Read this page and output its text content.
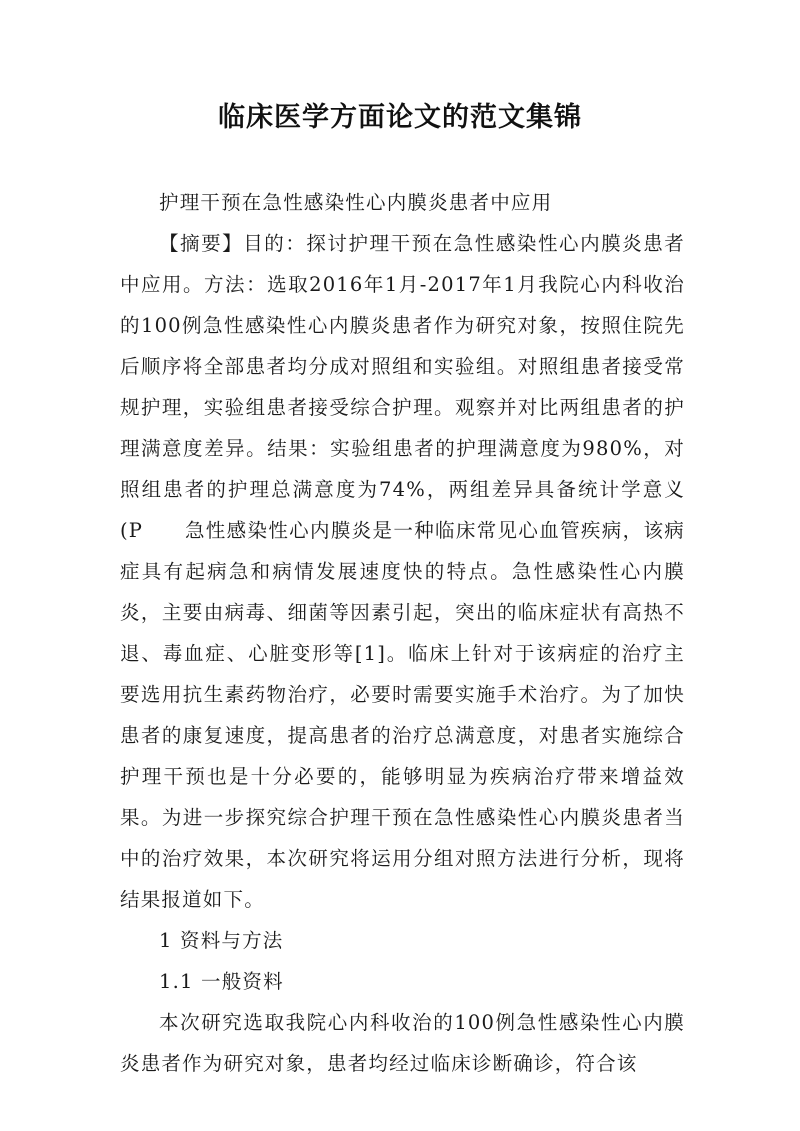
临床医学方面论文的范文集锦

护理干预在急性感染性心内膜炎患者中应用

【摘要】目的：探讨护理干预在急性感染性心内膜炎患者中应用。方法：选取2016年1月-2017年1月我院心内科收治的100例急性感染性心内膜炎患者作为研究对象，按照住院先后顺序将全部患者均分成对照组和实验组。对照组患者接受常规护理，实验组患者接受综合护理。观察并对比两组患者的护理满意度差异。结果：实验组患者的护理满意度为980%，对照组患者的护理总满意度为74%，两组差异具备统计学意义(P　　急性感染性心内膜炎是一种临床常见心血管疾病，该病症具有起病急和病情发展速度快的特点。急性感染性心内膜炎，主要由病毒、细菌等因素引起，突出的临床症状有高热不退、毒血症、心脏变形等[1]。临床上针对于该病症的治疗主要选用抗生素药物治疗，必要时需要实施手术治疗。为了加快患者的康复速度，提高患者的治疗总满意度，对患者实施综合护理干预也是十分必要的，能够明显为疾病治疗带来增益效果。为进一步探究综合护理干预在急性感染性心内膜炎患者当中的治疗效果，本次研究将运用分组对照方法进行分析，现将结果报道如下。

1 资料与方法

1.1 一般资料

本次研究选取我院心内科收治的100例急性感染性心内膜炎患者作为研究对象，患者均经过临床诊断确诊，符合该
